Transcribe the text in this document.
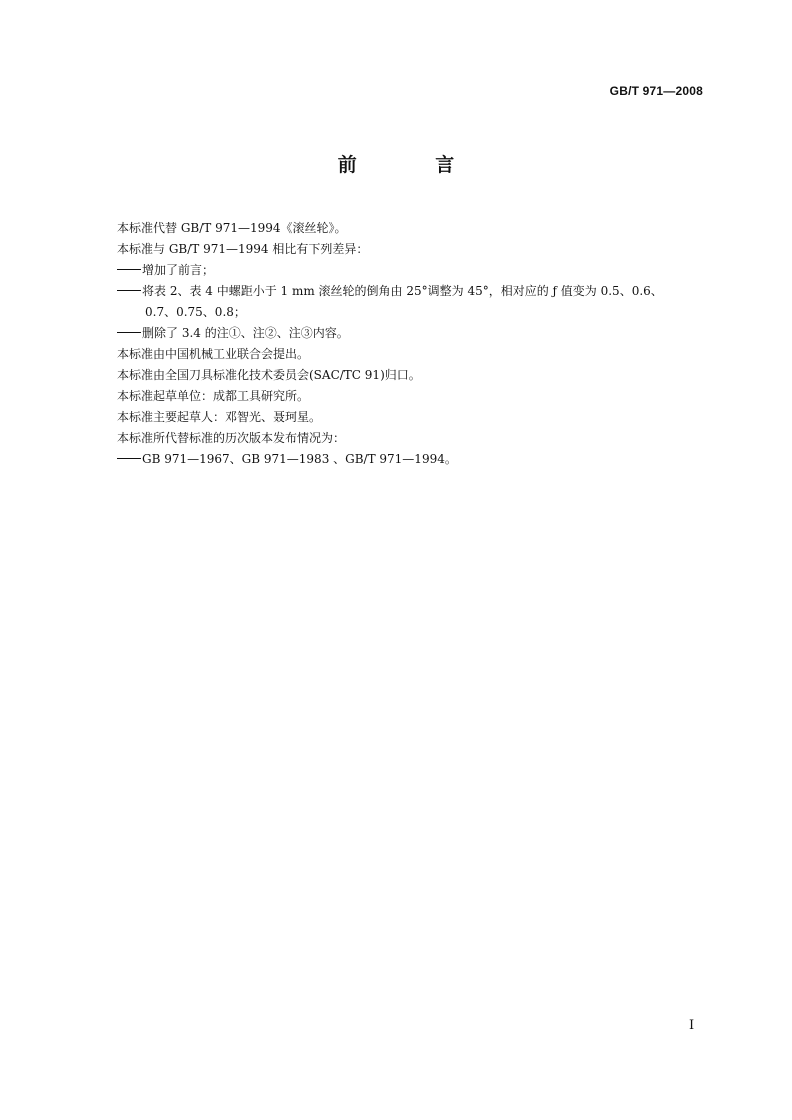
GB/T 971—2008
前 言
本标准代替 GB/T 971—1994《滚丝轮》。
本标准与 GB/T 971—1994 相比有下列差异：
增加了前言；
将表 2、表 4 中螺距小于 1 mm 滚丝轮的倒角由 25°调整为 45°，相对应的 ƒ 值变为 0.5、0.6、
0.7、0.75、0.8；
删除了 3.4 的注①、注②、注③内容。
本标准由中国机械工业联合会提出。
本标准由全国刀具标准化技术委员会(SAC/TC 91)归口。
本标准起草单位：成都工具研究所。
本标准主要起草人：邓智光、聂珂星。
本标准所代替标准的历次版本发布情况为：
GB 971—1967、GB 971—1983 、GB/T 971—1994。
I
